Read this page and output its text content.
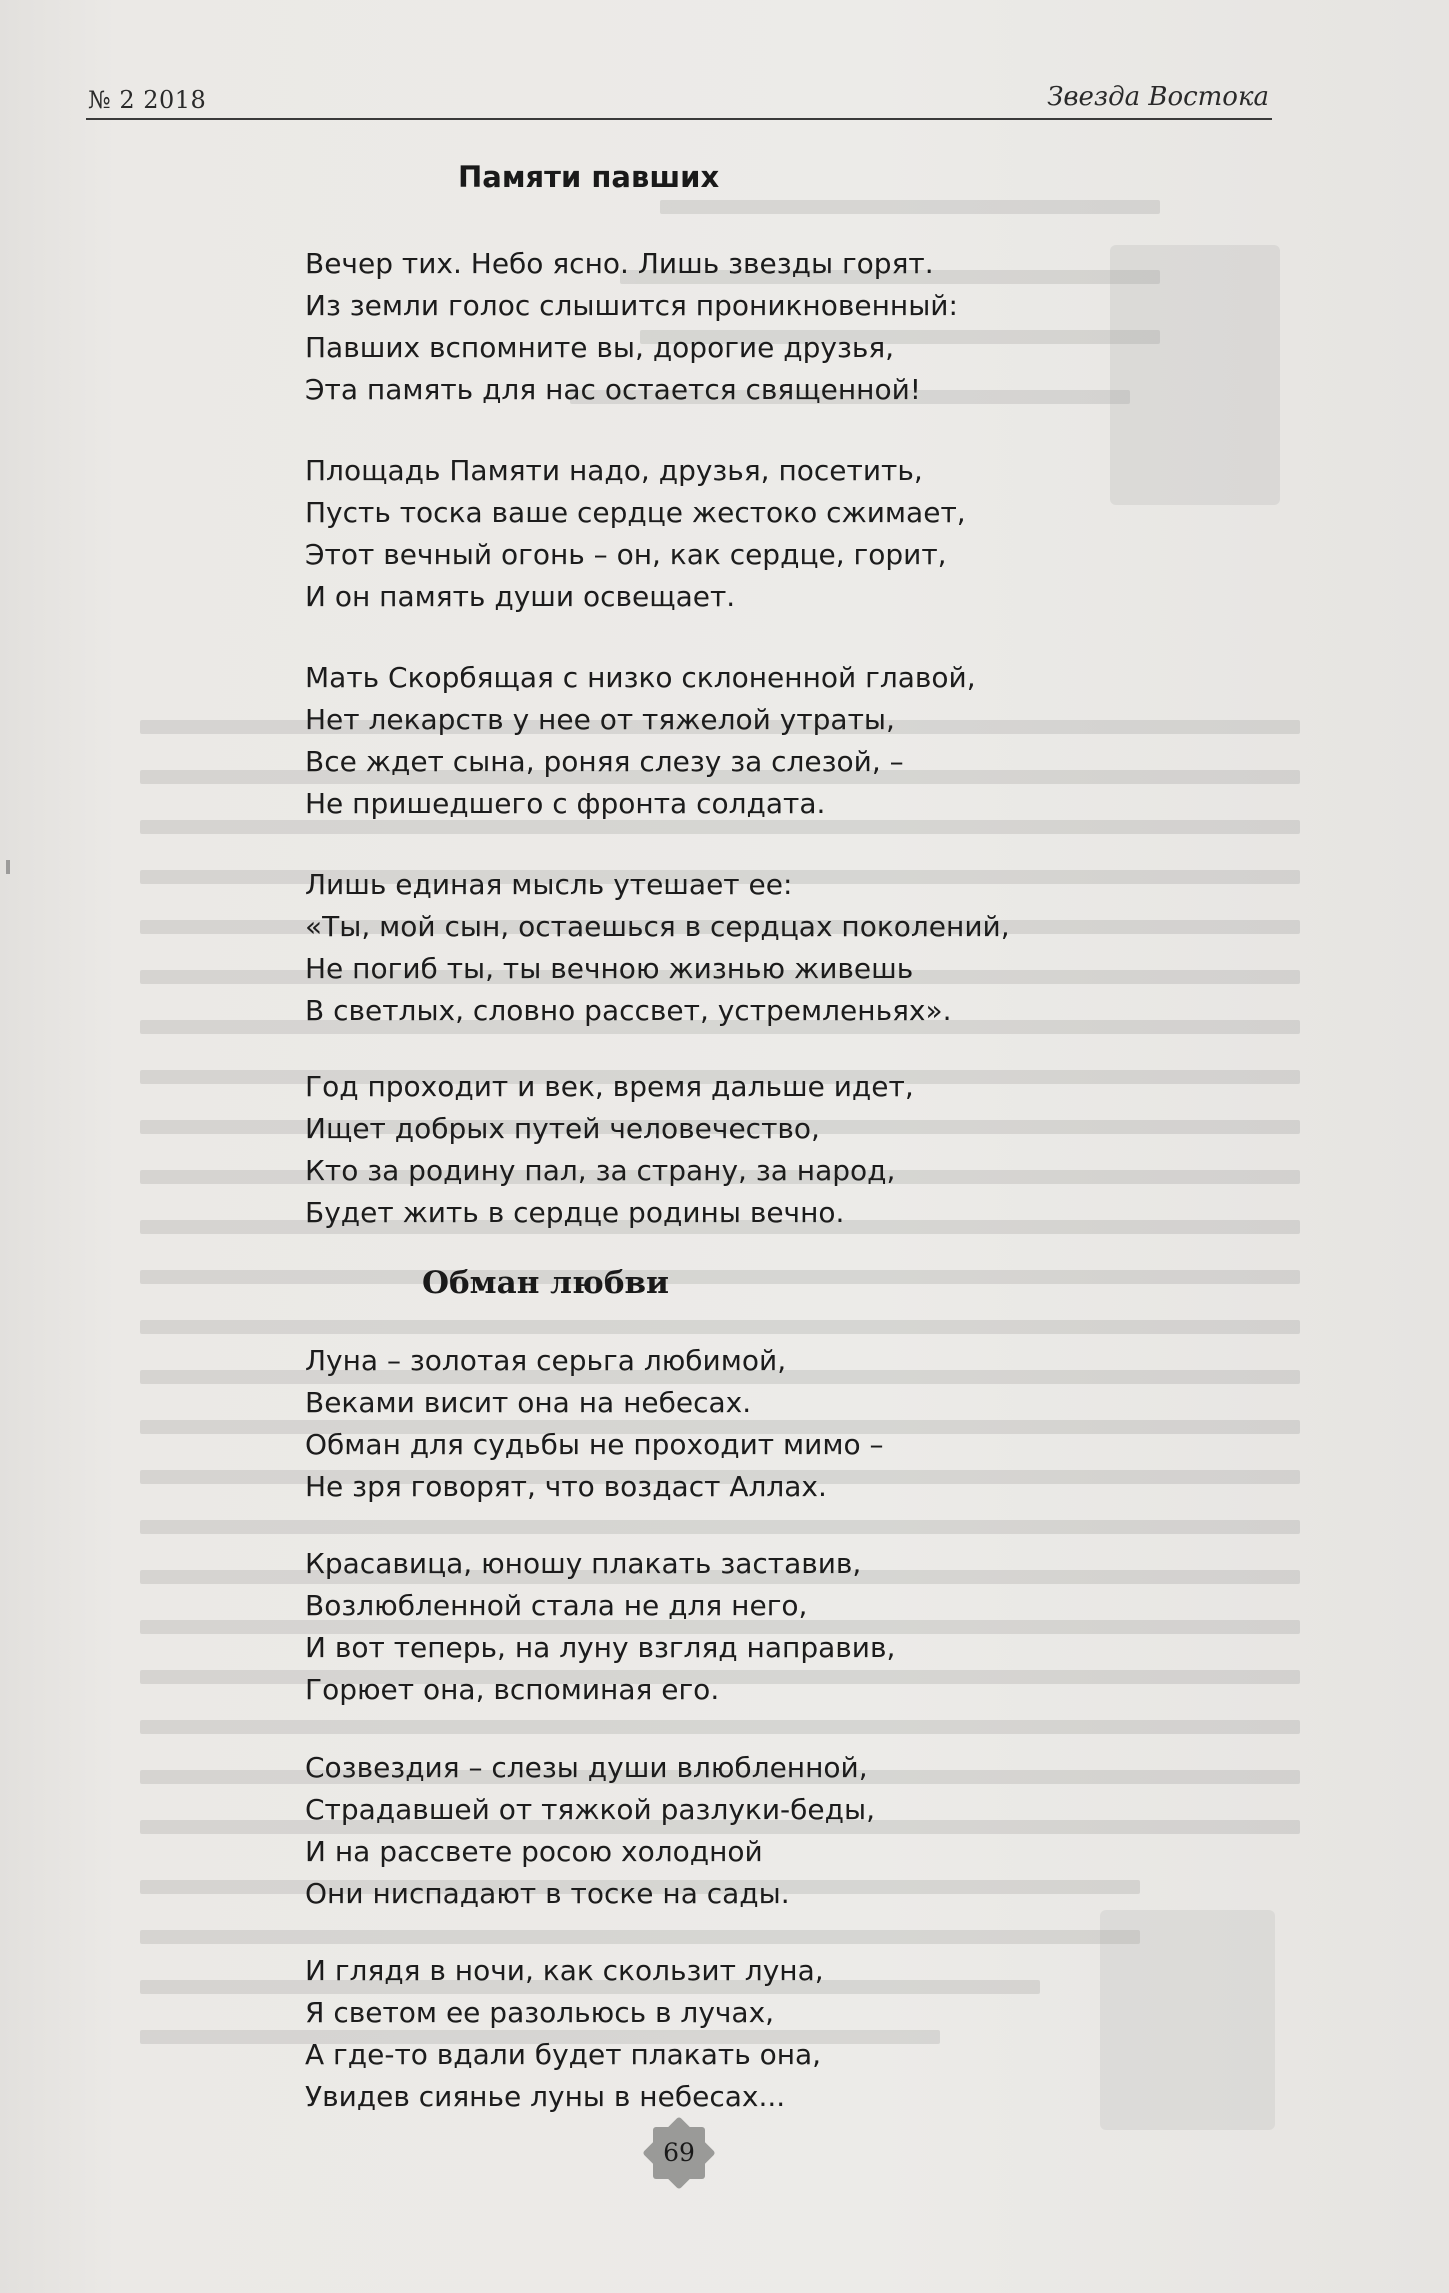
№ 2 2018	Звезда Востока
Памяти павших
Вечер тих. Небо ясно. Лишь звезды горят.
Из земли голос слышится проникновенный:
Павших вспомните вы, дорогие друзья,
Эта память для нас остается священной!
Площадь Памяти надо, друзья, посетить,
Пусть тоска ваше сердце жестоко сжимает,
Этот вечный огонь – он, как сердце, горит,
И он память души освещает.
Мать Скорбящая с низко склоненной главой,
Нет лекарств у нее от тяжелой утраты,
Все ждет сына, роняя слезу за слезой, –
Не пришедшего с фронта солдата.
Лишь единая мысль утешает ее:
«Ты, мой сын, остаешься в сердцах поколений,
Не погиб ты, ты вечною жизнью живешь
В светлых, словно рассвет, устремленьях».
Год проходит и век, время дальше идет,
Ищет добрых путей человечество,
Кто за родину пал, за страну, за народ,
Будет жить в сердце родины вечно.
Обман любви
Луна – золотая серьга любимой,
Веками висит она на небесах.
Обман для судьбы не проходит мимо –
Не зря говорят, что воздаст Аллах.
Красавица, юношу плакать заставив,
Возлюбленной стала не для него,
И вот теперь, на луну взгляд направив,
Горюет она, вспоминая его.
Созвездия – слезы души влюбленной,
Страдавшей от тяжкой разлуки-беды,
И на рассвете росою холодной
Они ниспадают в тоске на сады.
И глядя в ночи, как скользит луна,
Я светом ее разольюсь в лучах,
А где-то вдали будет плакать она,
Увидев сиянье луны в небесах...
69
